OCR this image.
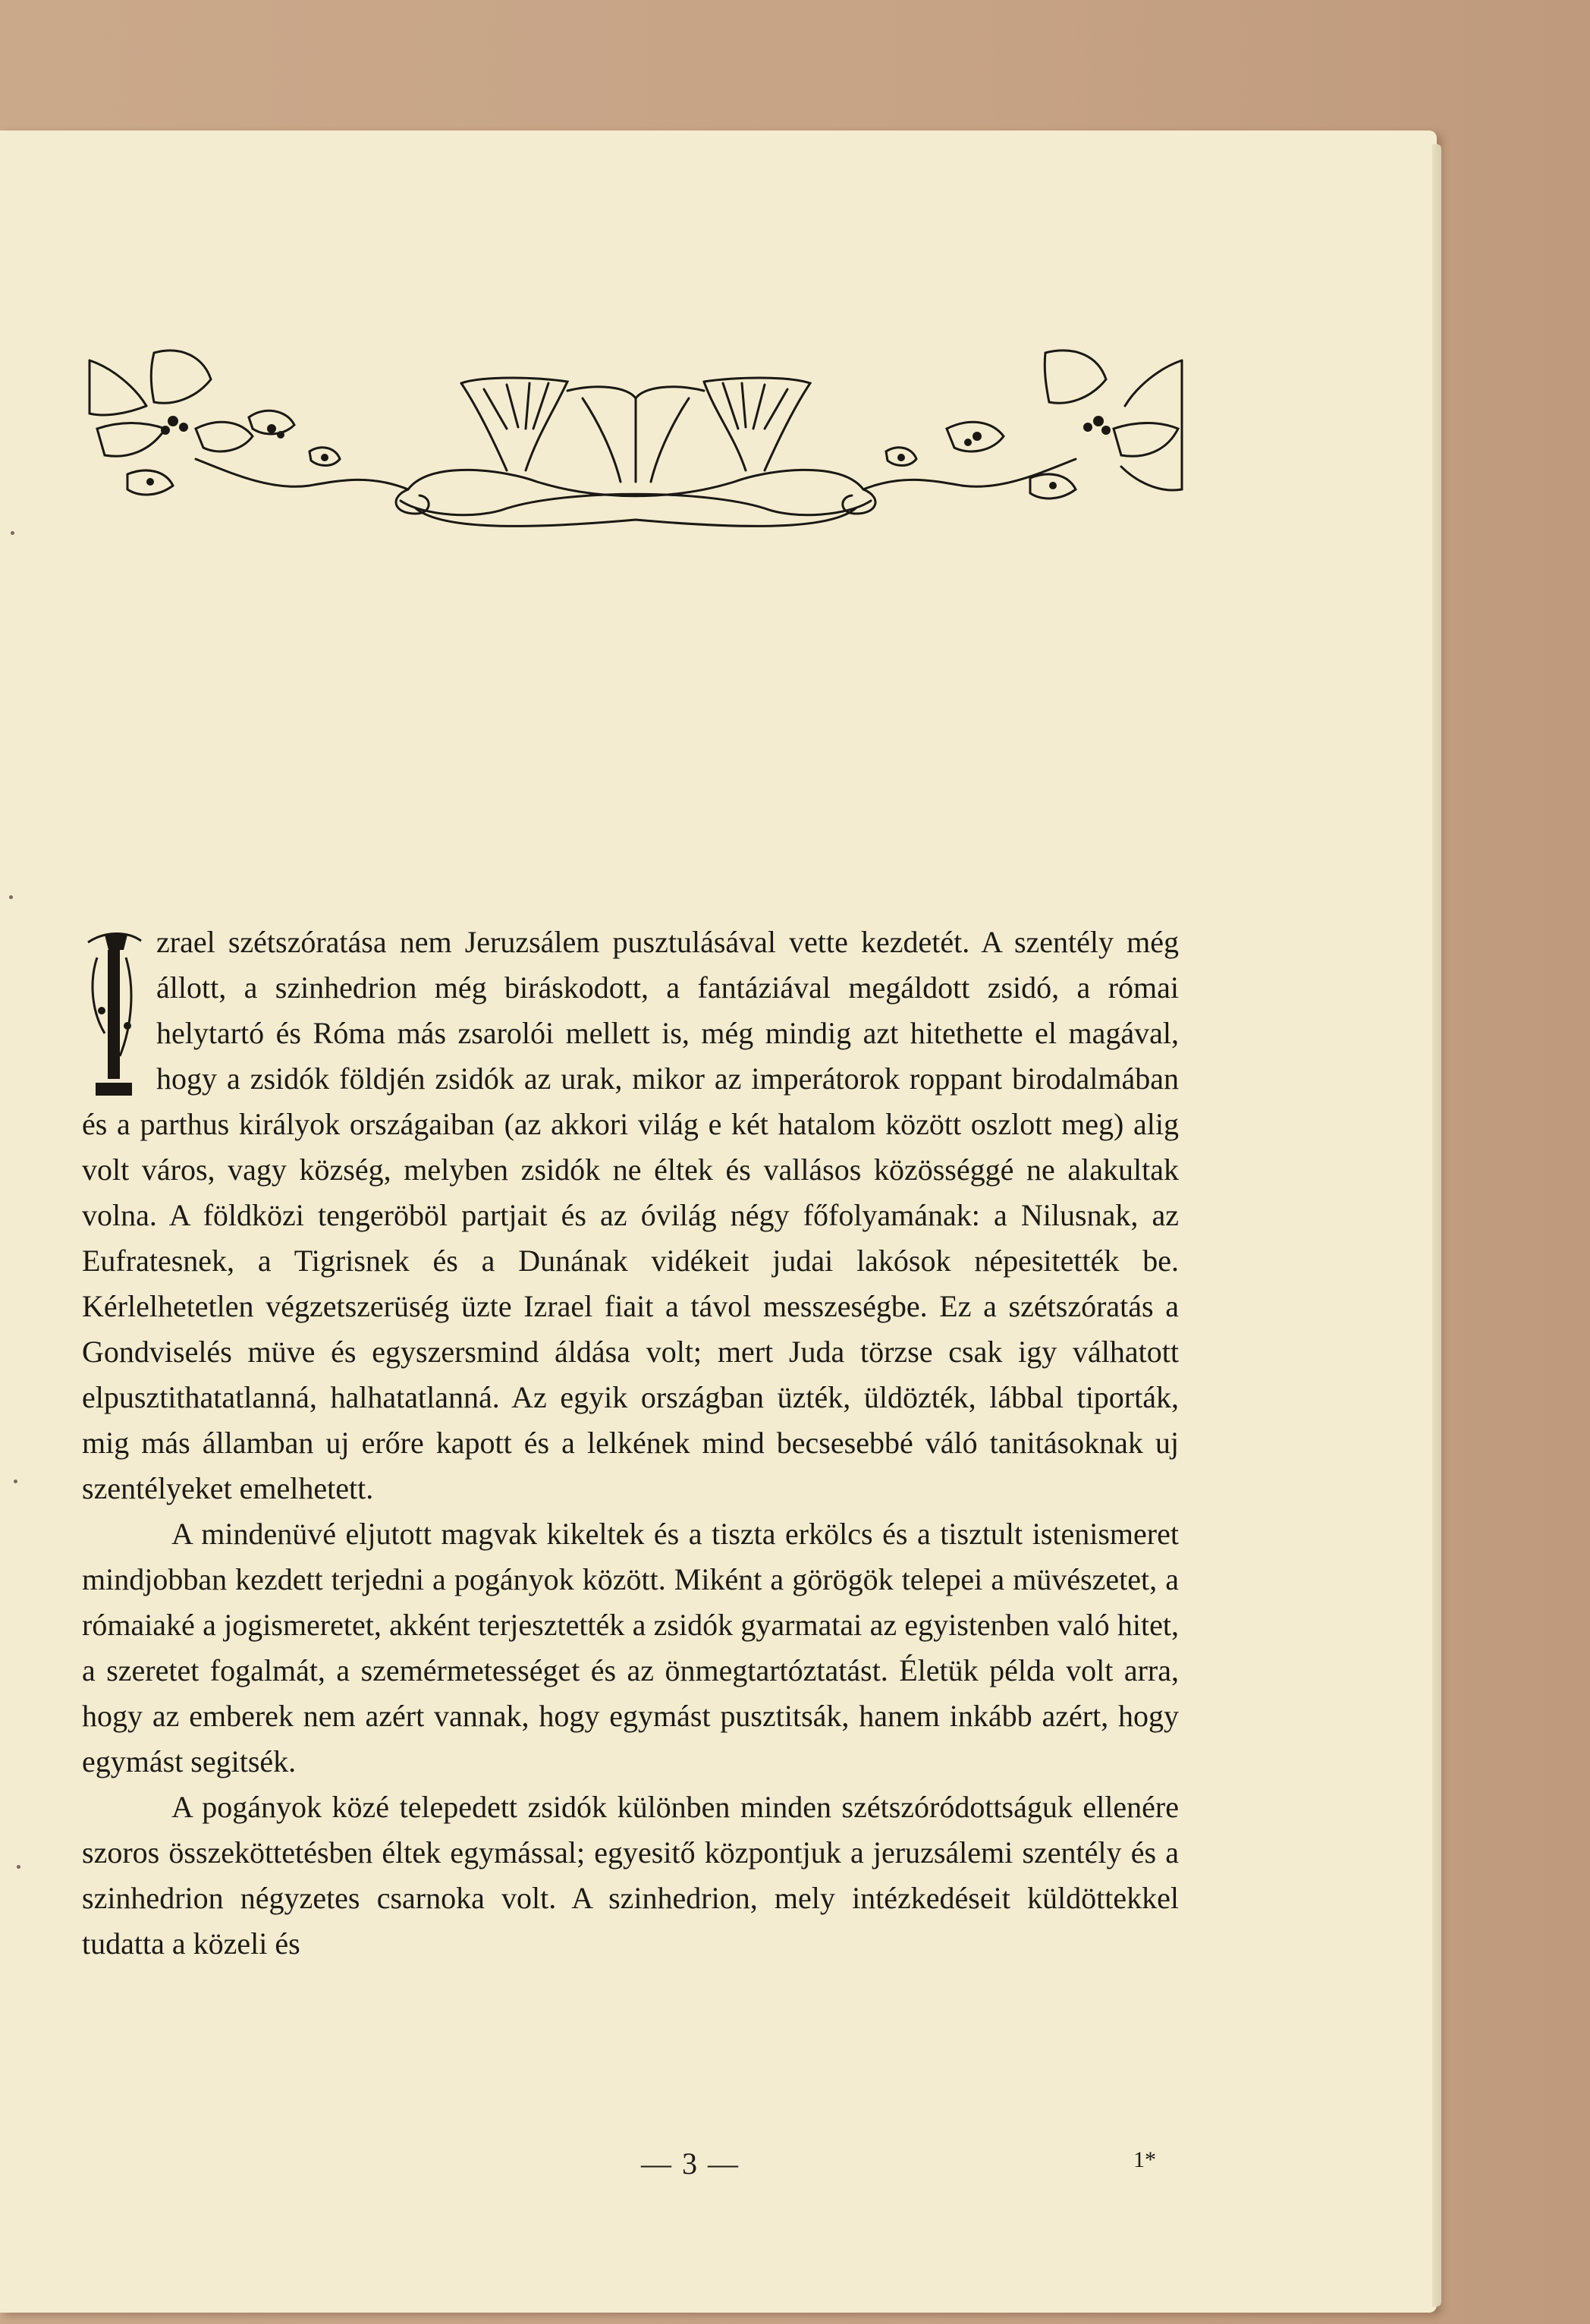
zrael szétszóratása nem Jeruzsálem pusztulásával vette kezdetét. A szentély még állott, a szinhedrion még biráskodott, a fantáziával megáldott zsidó, a római helytartó és Róma más zsarolói mellett is, még mindig azt hitethette el magával, hogy a zsidók földjén zsidók az urak, mikor az imperátorok roppant birodalmában és a parthus királyok országaiban (az akkori világ e két hatalom között oszlott meg) alig volt város, vagy község, melyben zsidók ne éltek és vallásos közösséggé ne alakultak volna. A földközi tengeröböl partjait és az óvilág négy főfolyamának: a Nilusnak, az Eufratesnek, a Tigrisnek és a Dunának vidékeit judai lakósok népesitették be. Kérlelhetetlen végzetszerüség üzte Izrael fiait a távol messzeségbe. Ez a szétszóratás a Gondviselés müve és egyszersmind áldása volt; mert Juda törzse csak igy válhatott elpusztithatatlanná, halhatatlanná. Az egyik országban üzték, üldözték, lábbal tiporták, mig más államban uj erőre kapott és a lelkének mind becsesebbé váló tanitásoknak uj szentélyeket emelhetett.

A mindenüvé eljutott magvak kikeltek és a tiszta erkölcs és a tisztult istenismeret mindjobban kezdett terjedni a pogányok között. Miként a görögök telepei a müvészetet, a rómaiaké a jogismeretet, akként terjesztették a zsidók gyarmatai az egyistenben való hitet, a szeretet fogalmát, a szemérmetességet és az önmegtartóztatást. Életük példa volt arra, hogy az emberek nem azért vannak, hogy egymást pusztitsák, hanem inkább azért, hogy egymást segitsék.

A pogányok közé telepedett zsidók különben minden szétszóródottságuk ellenére szoros összeköttetésben éltek egymással; egyesitő központjuk a jeruzsálemi szentély és a szinhedrion négyzetes csarnoka volt. A szinhedrion, mely intézkedéseit küldöttekkel tudatta a közeli és

— 3 —	1*
